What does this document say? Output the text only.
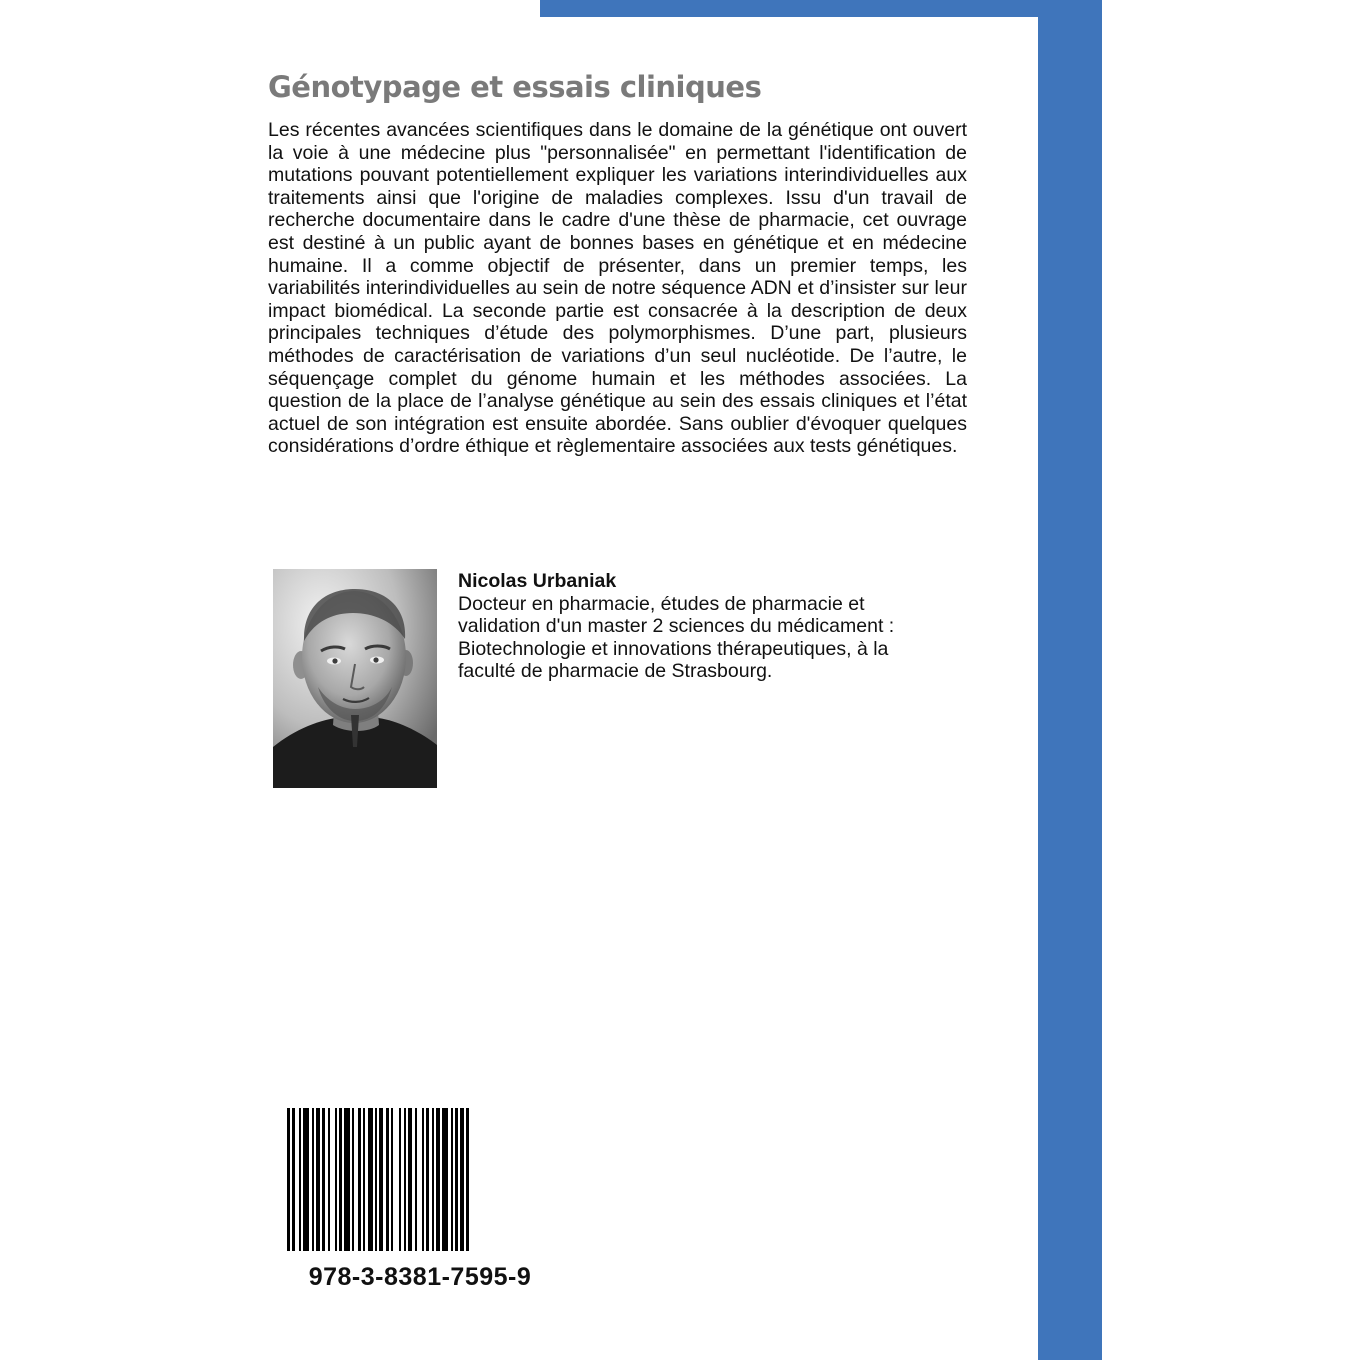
Génotypage et essais cliniques

Les récentes avancées scientifiques dans le domaine de la génétique ont ouvert la voie à une médecine plus "personnalisée" en permettant l'identification de mutations pouvant potentiellement expliquer les variations interindividuelles aux traitements ainsi que l'origine de maladies complexes. Issu d'un travail de recherche documentaire dans le cadre d'une thèse de pharmacie, cet ouvrage est destiné à un public ayant de bonnes bases en génétique et en médecine humaine. Il a comme objectif de présenter, dans un premier temps, les variabilités interindividuelles au sein de notre séquence ADN et d’insister sur leur impact biomédical. La seconde partie est consacrée à la description de deux principales techniques d’étude des polymorphismes. D’une part, plusieurs méthodes de caractérisation de variations d’un seul nucléotide. De l’autre, le séquençage complet du génome humain et les méthodes associées. La question de la place de l’analyse génétique au sein des essais cliniques et l’état actuel de son intégration est ensuite abordée. Sans oublier d'évoquer quelques considérations d’ordre éthique et règlementaire associées aux tests génétiques.

Nicolas Urbaniak
Docteur en pharmacie, études de pharmacie et
validation d'un master 2 sciences du médicament :
Biotechnologie et innovations thérapeutiques, à la
faculté de pharmacie de Strasbourg.
978-3-8381-7595-9
